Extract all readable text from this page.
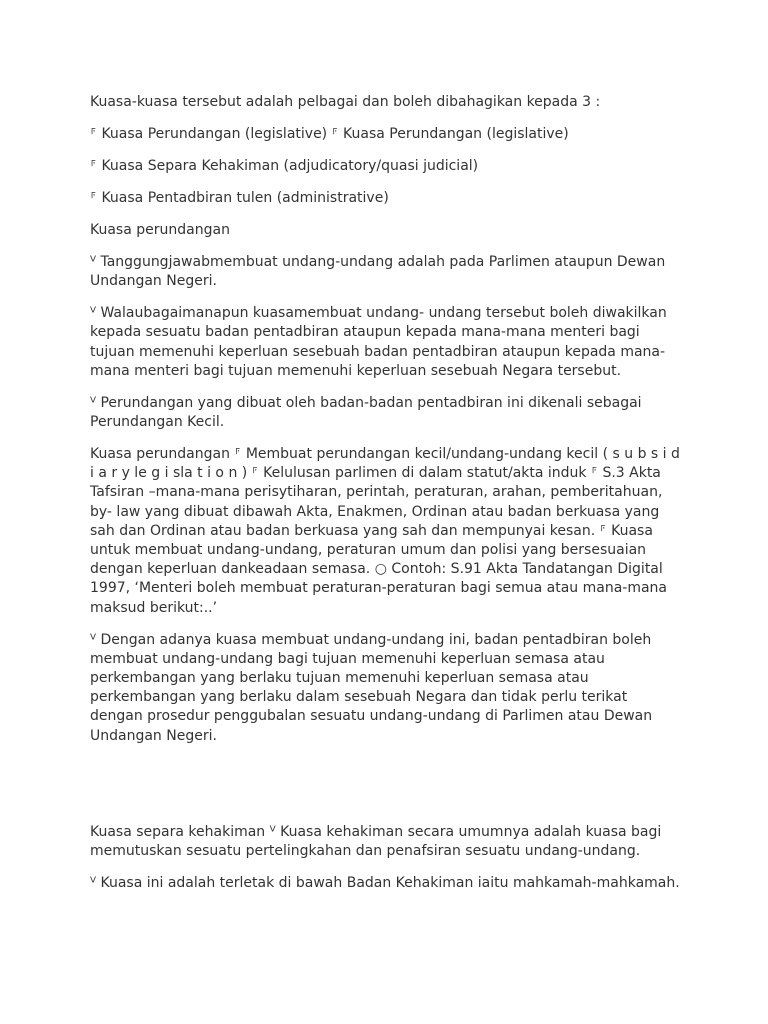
Kuasa-kuasa tersebut adalah pelbagai dan boleh dibahagikan kepada 3 :

⸁ Kuasa Perundangan (legislative) ⸁ Kuasa Perundangan (legislative)

⸁ Kuasa Separa Kehakiman (adjudicatory/quasi judicial)

⸁ Kuasa Pentadbiran tulen (administrative)

Kuasa perundangan

ⱽ Tanggungjawabmembuat undang-undang adalah pada Parlimen ataupun Dewan Undangan Negeri.

ⱽ Walaubagaimanapun kuasamembuat undang- undang tersebut boleh diwakilkan kepada sesuatu badan pentadbiran ataupun kepada mana-mana menteri bagi tujuan memenuhi keperluan sesebuah badan pentadbiran ataupun kepada mana-mana menteri bagi tujuan memenuhi keperluan sesebuah Negara tersebut.

ⱽ Perundangan yang dibuat oleh badan-badan pentadbiran ini dikenali sebagai Perundangan Kecil.

Kuasa perundangan ⸁ Membuat perundangan kecil/undang-undang kecil ( s u b s i d i a r y le g i sla t i o n ) ⸁ Kelulusan parlimen di dalam statut/akta induk ⸁ S.3 Akta Tafsiran –mana-mana perisytiharan, perintah, peraturan, arahan, pemberitahuan, by- law yang dibuat dibawah Akta, Enakmen, Ordinan atau badan berkuasa yang sah dan Ordinan atau badan berkuasa yang sah dan mempunyai kesan. ⸁ Kuasa untuk membuat undang-undang, peraturan umum dan polisi yang bersesuaian dengan keperluan dankeadaan semasa. ○ Contoh: S.91 Akta Tandatangan Digital 1997, ‘Menteri boleh membuat peraturan-peraturan bagi semua atau mana-mana maksud berikut:..’

ⱽ Dengan adanya kuasa membuat undang-undang ini, badan pentadbiran boleh membuat undang-undang bagi tujuan memenuhi keperluan semasa atau perkembangan yang berlaku tujuan memenuhi keperluan semasa atau perkembangan yang berlaku dalam sesebuah Negara dan tidak perlu terikat dengan prosedur penggubalan sesuatu undang-undang di Parlimen atau Dewan Undangan Negeri.

Kuasa separa kehakiman ⱽ Kuasa kehakiman secara umumnya adalah kuasa bagi memutuskan sesuatu pertelingkahan dan penafsiran sesuatu undang-undang.

ⱽ Kuasa ini adalah terletak di bawah Badan Kehakiman iaitu mahkamah-mahkamah.
